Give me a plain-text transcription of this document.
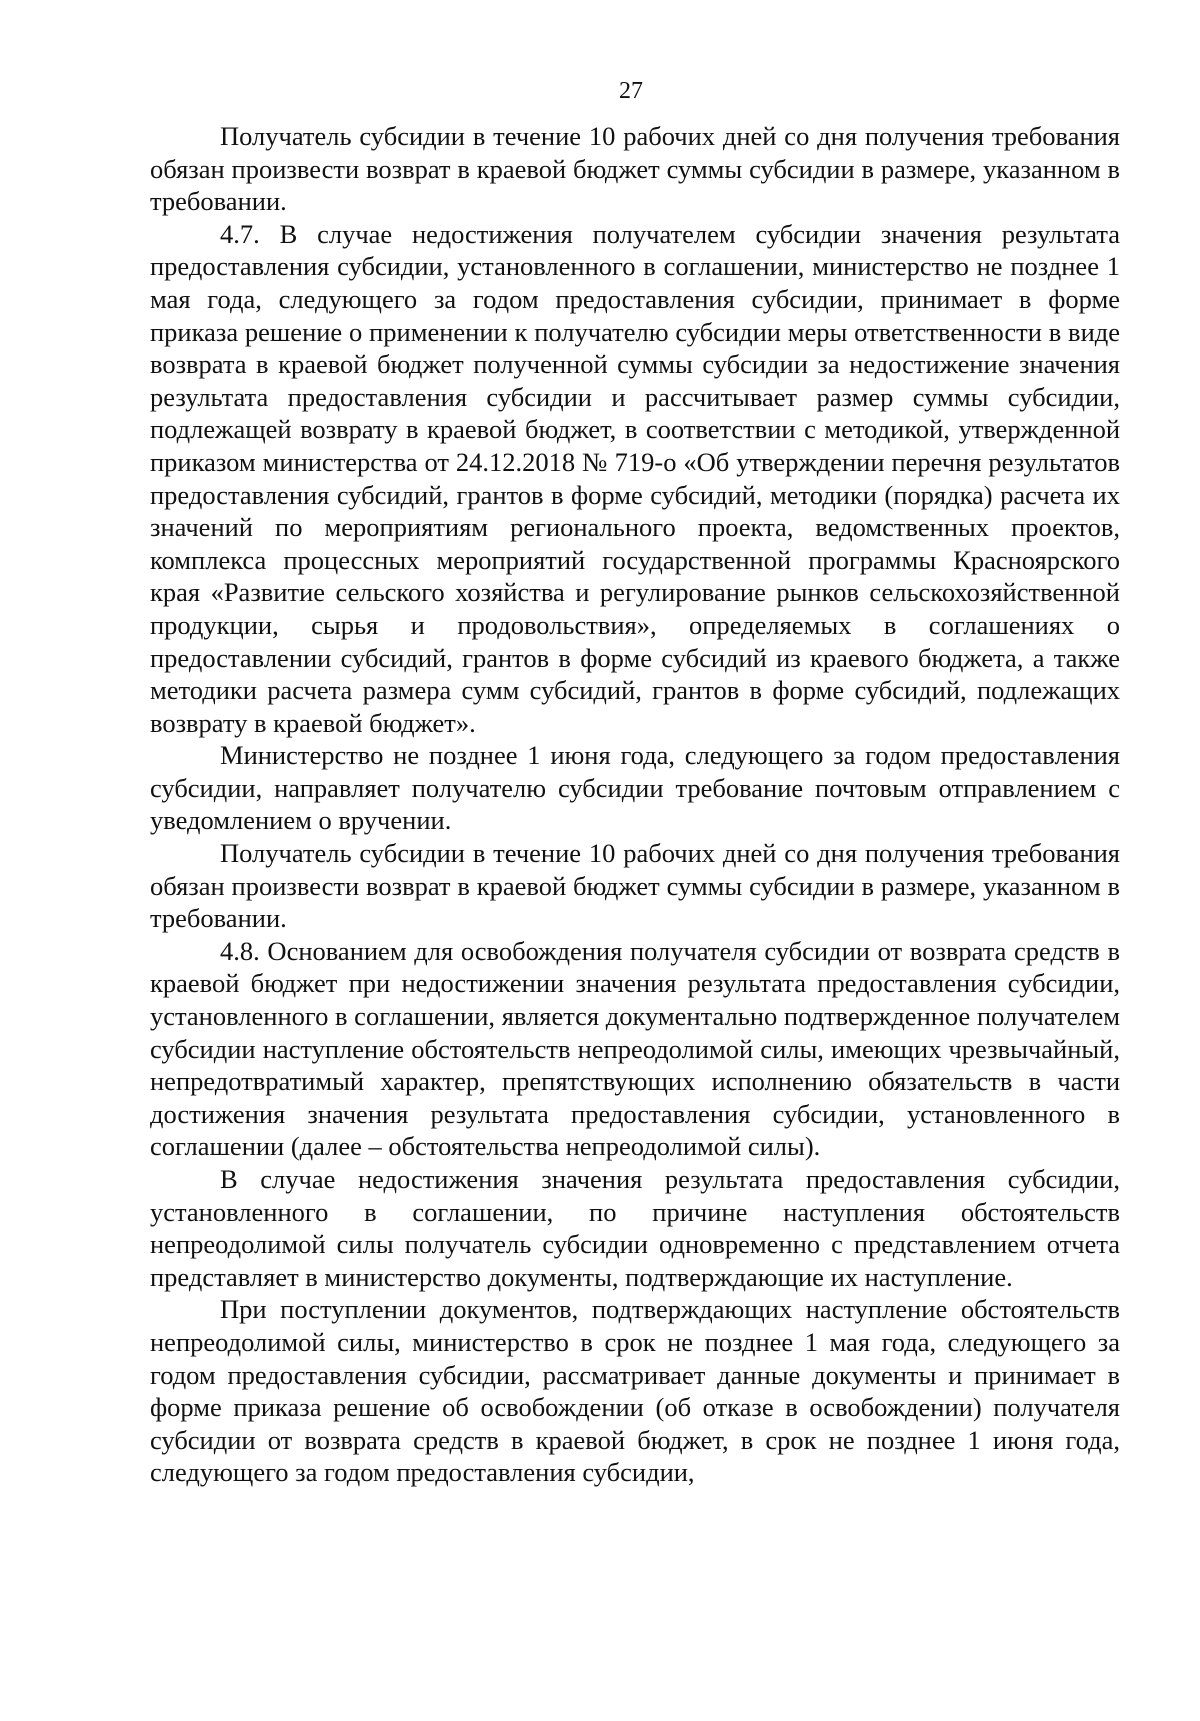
27

Получатель субсидии в течение 10 рабочих дней со дня получения требования обязан произвести возврат в краевой бюджет суммы субсидии в размере, указанном в требовании.

4.7. В случае недостижения получателем субсидии значения результата предоставления субсидии, установленного в соглашении, министерство не позднее 1 мая года, следующего за годом предоставления субсидии, принимает в форме приказа решение о применении к получателю субсидии меры ответственности в виде возврата в краевой бюджет полученной суммы субсидии за недостижение значения результата предоставления субсидии и рассчитывает размер суммы субсидии, подлежащей возврату в краевой бюджет, в соответствии с методикой, утвержденной приказом министерства от 24.12.2018 № 719-о «Об утверждении перечня результатов предоставления субсидий, грантов в форме субсидий, методики (порядка) расчета их значений по мероприятиям регионального проекта, ведомственных проектов, комплекса процессных мероприятий государственной программы Красноярского края «Развитие сельского хозяйства и регулирование рынков сельскохозяйственной продукции, сырья и продовольствия», определяемых в соглашениях о предоставлении субсидий, грантов в форме субсидий из краевого бюджета, а также методики расчета размера сумм субсидий, грантов в форме субсидий, подлежащих возврату в краевой бюджет».

Министерство не позднее 1 июня года, следующего за годом предоставления субсидии, направляет получателю субсидии требование почтовым отправлением с уведомлением о вручении.

Получатель субсидии в течение 10 рабочих дней со дня получения требования обязан произвести возврат в краевой бюджет суммы субсидии в размере, указанном в требовании.

4.8. Основанием для освобождения получателя субсидии от возврата средств в краевой бюджет при недостижении значения результата предоставления субсидии, установленного в соглашении, является документально подтвержденное получателем субсидии наступление обстоятельств непреодолимой силы, имеющих чрезвычайный, непредотвратимый характер, препятствующих исполнению обязательств в части достижения значения результата предоставления субсидии, установленного в соглашении (далее – обстоятельства непреодолимой силы).

В случае недостижения значения результата предоставления субсидии, установленного в соглашении, по причине наступления обстоятельств непреодолимой силы получатель субсидии одновременно с представлением отчета представляет в министерство документы, подтверждающие их наступление.

При поступлении документов, подтверждающих наступление обстоятельств непреодолимой силы, министерство в срок не позднее 1 мая года, следующего за годом предоставления субсидии, рассматривает данные документы и принимает в форме приказа решение об освобождении (об отказе в освобождении) получателя субсидии от возврата средств в краевой бюджет, в срок не позднее 1 июня года, следующего за годом предоставления субсидии,
